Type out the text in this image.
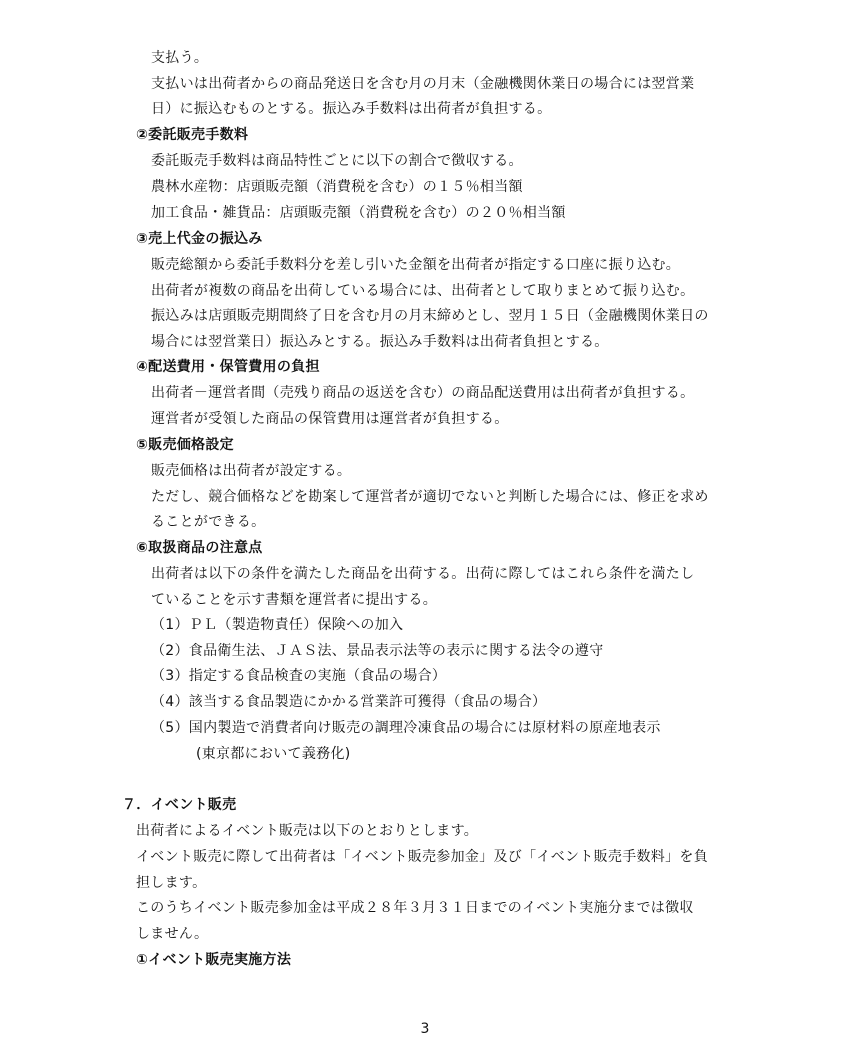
支払う。
支払いは出荷者からの商品発送日を含む月の月末（金融機関休業日の場合には翌営業
日）に振込むものとする。振込み手数料は出荷者が負担する。
②委託販売手数料
委託販売手数料は商品特性ごとに以下の割合で徴収する。
農林水産物：店頭販売額（消費税を含む）の１５％相当額
加工食品・雑貨品：店頭販売額（消費税を含む）の２０％相当額
③売上代金の振込み
販売総額から委託手数料分を差し引いた金額を出荷者が指定する口座に振り込む。
出荷者が複数の商品を出荷している場合には、出荷者として取りまとめて振り込む。
振込みは店頭販売期間終了日を含む月の月末締めとし、翌月１５日（金融機関休業日の
場合には翌営業日）振込みとする。振込み手数料は出荷者負担とする。
④配送費用・保管費用の負担
出荷者－運営者間（売残り商品の返送を含む）の商品配送費用は出荷者が負担する。
運営者が受領した商品の保管費用は運営者が負担する。
⑤販売価格設定
販売価格は出荷者が設定する。
ただし、競合価格などを勘案して運営者が適切でないと判断した場合には、修正を求め
ることができる。
⑥取扱商品の注意点
出荷者は以下の条件を満たした商品を出荷する。出荷に際してはこれら条件を満たし
ていることを示す書類を運営者に提出する。
（1）ＰＬ（製造物責任）保険への加入
（2）食品衛生法、ＪＡＳ法、景品表示法等の表示に関する法令の遵守
（3）指定する食品検査の実施（食品の場合）
（4）該当する食品製造にかかる営業許可獲得（食品の場合）
（5）国内製造で消費者向け販売の調理冷凍食品の場合には原材料の原産地表示
(東京都において義務化)
７．イベント販売
出荷者によるイベント販売は以下のとおりとします。
イベント販売に際して出荷者は「イベント販売参加金」及び「イベント販売手数料」を負
担します。
このうちイベント販売参加金は平成２８年３月３１日までのイベント実施分までは徴収
しません。
①イベント販売実施方法
3
